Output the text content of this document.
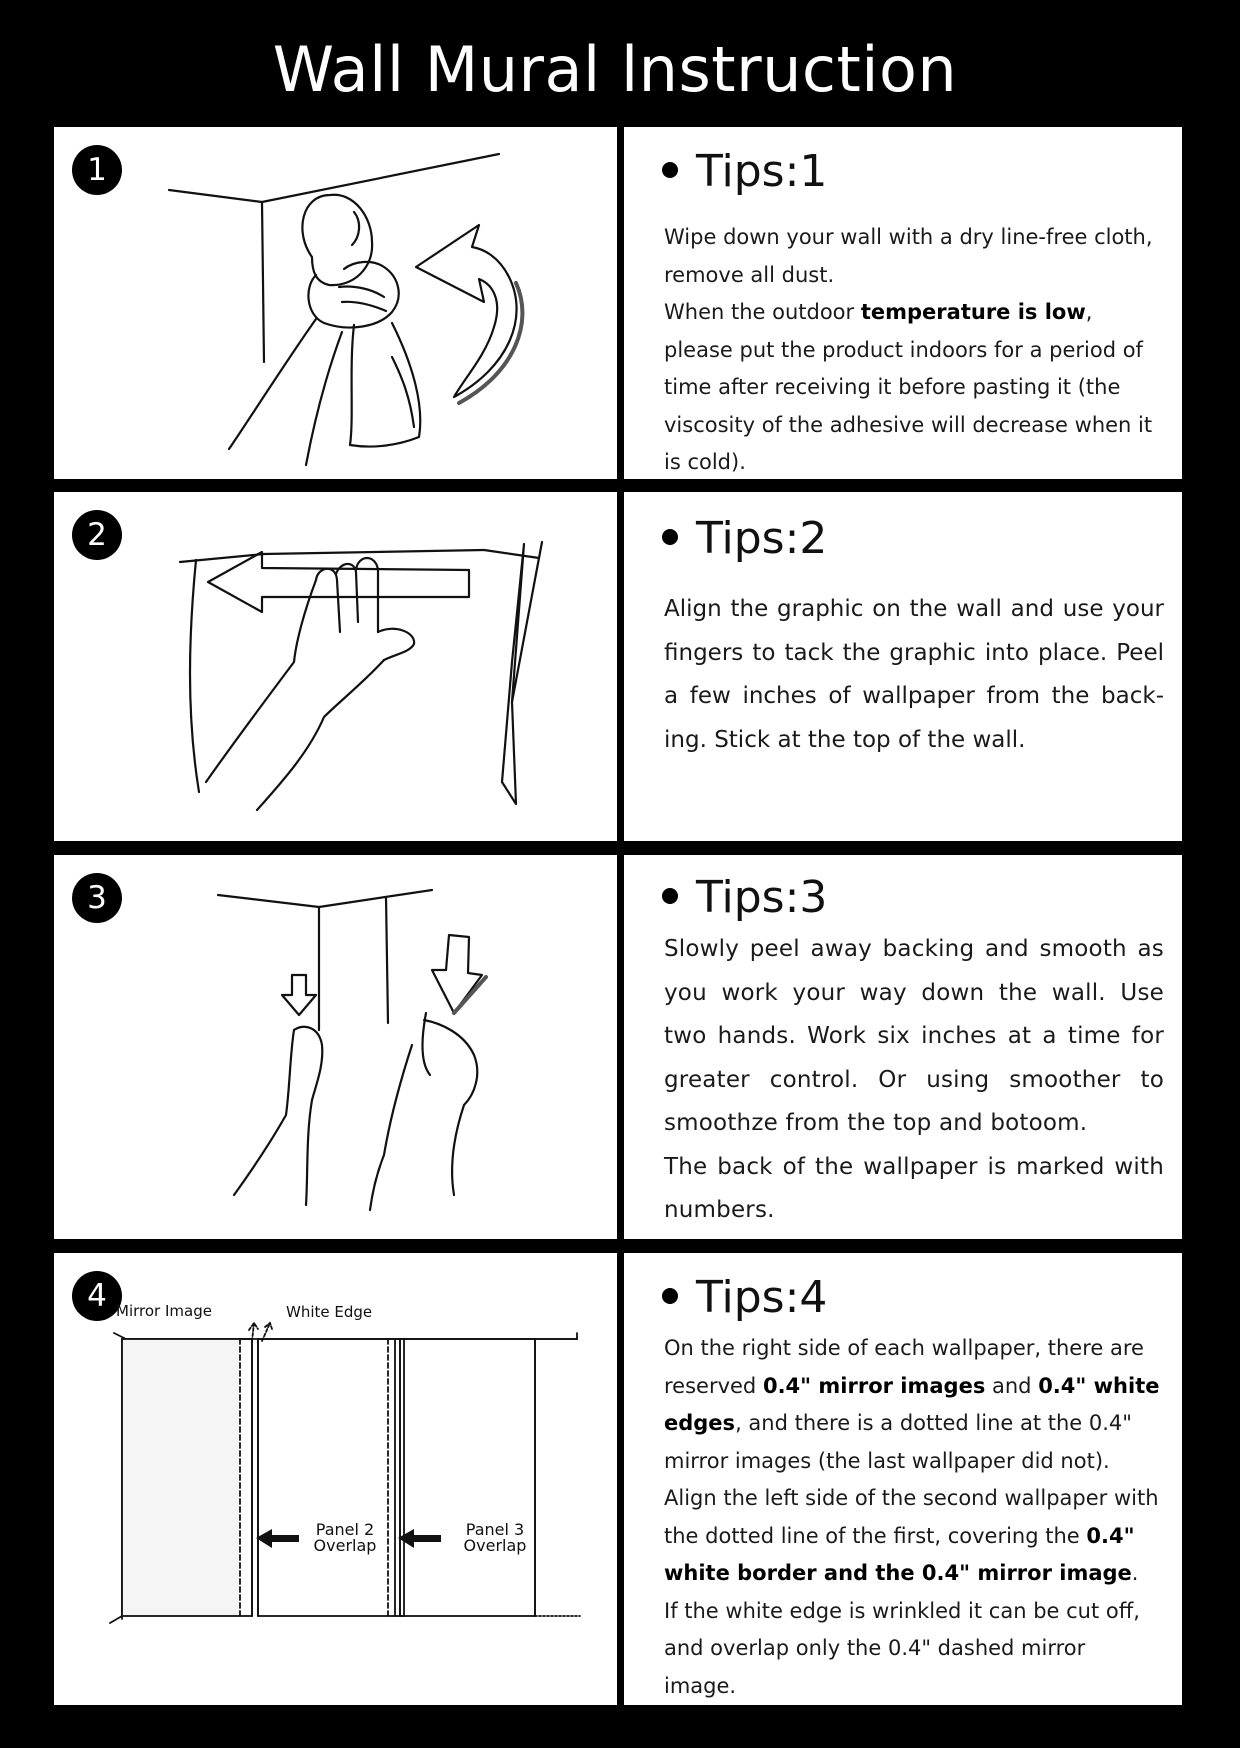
Wall Mural lnstruction
1	Tips:1

Wipe down your wall with a dry line-free cloth, remove all dust.

When the outdoor temperature is low, please put the product indoors for a period of time after receiving it before pasting it (the viscosity of the adhesive will decrease when it is cold).

2	Tips:2

Align the graphic on the wall and use your fingers to tack the graphic into place. Peel a few inches of wallpaper from the back-ing. Stick at the top of the wall.

3	Tips:3

Slowly peel away backing and smooth as you work your way down the wall. Use two hands. Work six inches at a time for greater control. Or using smoother to smoothze from the top and botoom.

The back of the wallpaper is marked with numbers.

4 Mirror Image	White Edge
Panel 2
Overlap
Panel 3
Overlap
Tips:4

On the right side of each wallpaper, there are reserved 0.4" mirror images and 0.4" white edges, and there is a dotted line at the 0.4" mirror images (the last wallpaper did not).

Align the left side of the second wallpaper with the dotted line of the first, covering the 0.4" white border and the 0.4" mirror image.

If the white edge is wrinkled it can be cut off, and overlap only the 0.4" dashed mirror image.
